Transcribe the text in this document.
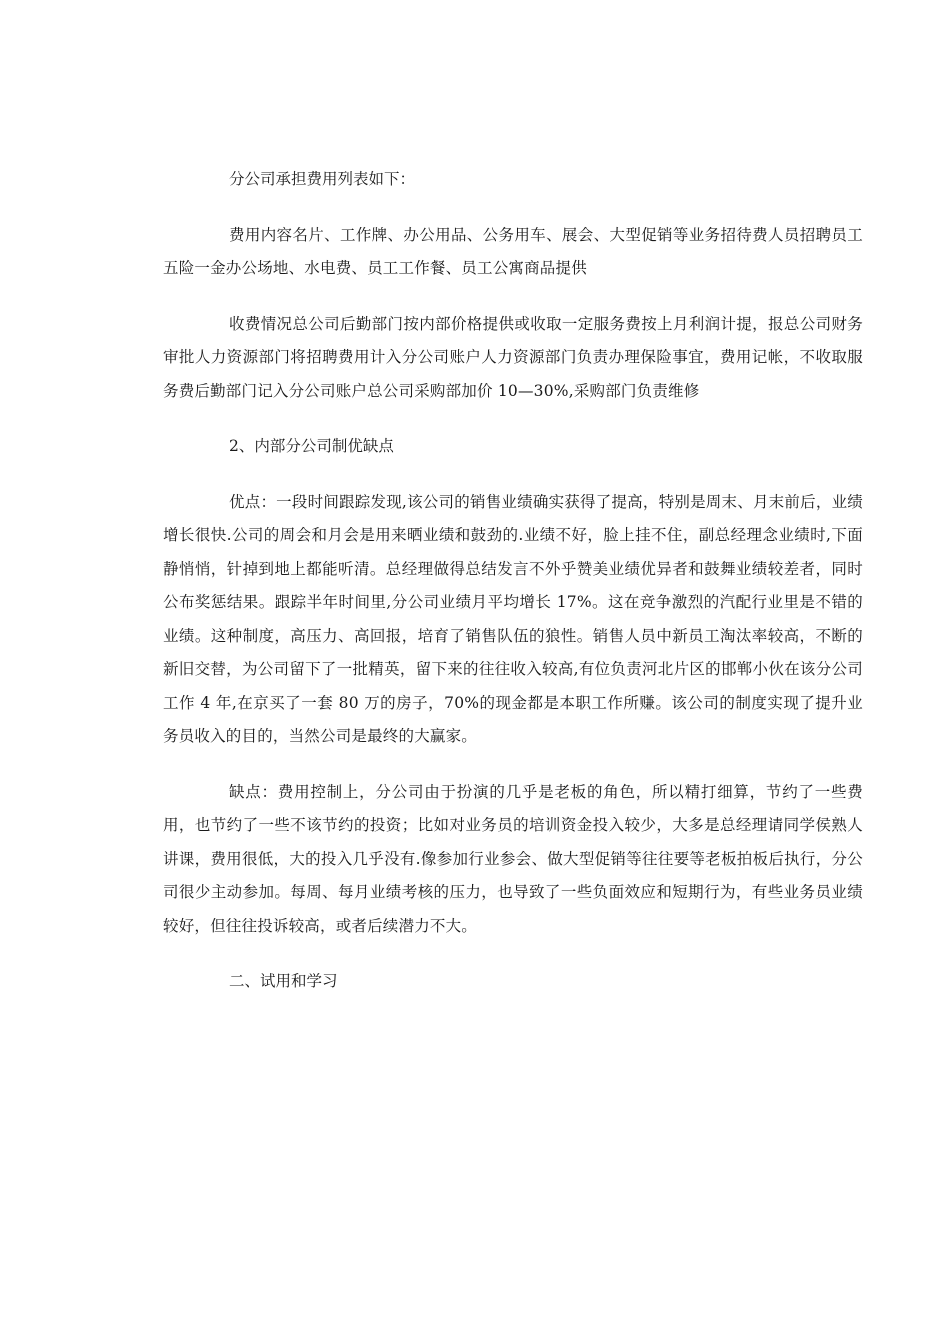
分公司承担费用列表如下：

费用内容名片、工作牌、办公用品、公务用车、展会、大型促销等业务招待费人员招聘员工五险一金办公场地、水电费、员工工作餐、员工公寓商品提供

收费情况总公司后勤部门按内部价格提供或收取一定服务费按上月利润计提，报总公司财务审批人力资源部门将招聘费用计入分公司账户人力资源部门负责办理保险事宜，费用记帐，不收取服务费后勤部门记入分公司账户总公司采购部加价 10—30%,采购部门负责维修

2、内部分公司制优缺点

优点：一段时间跟踪发现,该公司的销售业绩确实获得了提高，特别是周末、月末前后，业绩增长很快.公司的周会和月会是用来晒业绩和鼓劲的.业绩不好，脸上挂不住，副总经理念业绩时,下面静悄悄，针掉到地上都能听清。总经理做得总结发言不外乎赞美业绩优异者和鼓舞业绩较差者，同时公布奖惩结果。跟踪半年时间里,分公司业绩月平均增长 17%。这在竞争激烈的汽配行业里是不错的业绩。这种制度，高压力、高回报，培育了销售队伍的狼性。销售人员中新员工淘汰率较高，不断的新旧交替，为公司留下了一批精英，留下来的往往收入较高,有位负责河北片区的邯郸小伙在该分公司工作 4 年,在京买了一套 80 万的房子，70%的现金都是本职工作所赚。该公司的制度实现了提升业务员收入的目的，当然公司是最终的大赢家。

缺点：费用控制上，分公司由于扮演的几乎是老板的角色，所以精打细算，节约了一些费用，也节约了一些不该节约的投资；比如对业务员的培训资金投入较少，大多是总经理请同学侯熟人讲课，费用很低，大的投入几乎没有.像参加行业参会、做大型促销等往往要等老板拍板后执行，分公司很少主动参加。每周、每月业绩考核的压力，也导致了一些负面效应和短期行为，有些业务员业绩较好，但往往投诉较高，或者后续潜力不大。

二、试用和学习
